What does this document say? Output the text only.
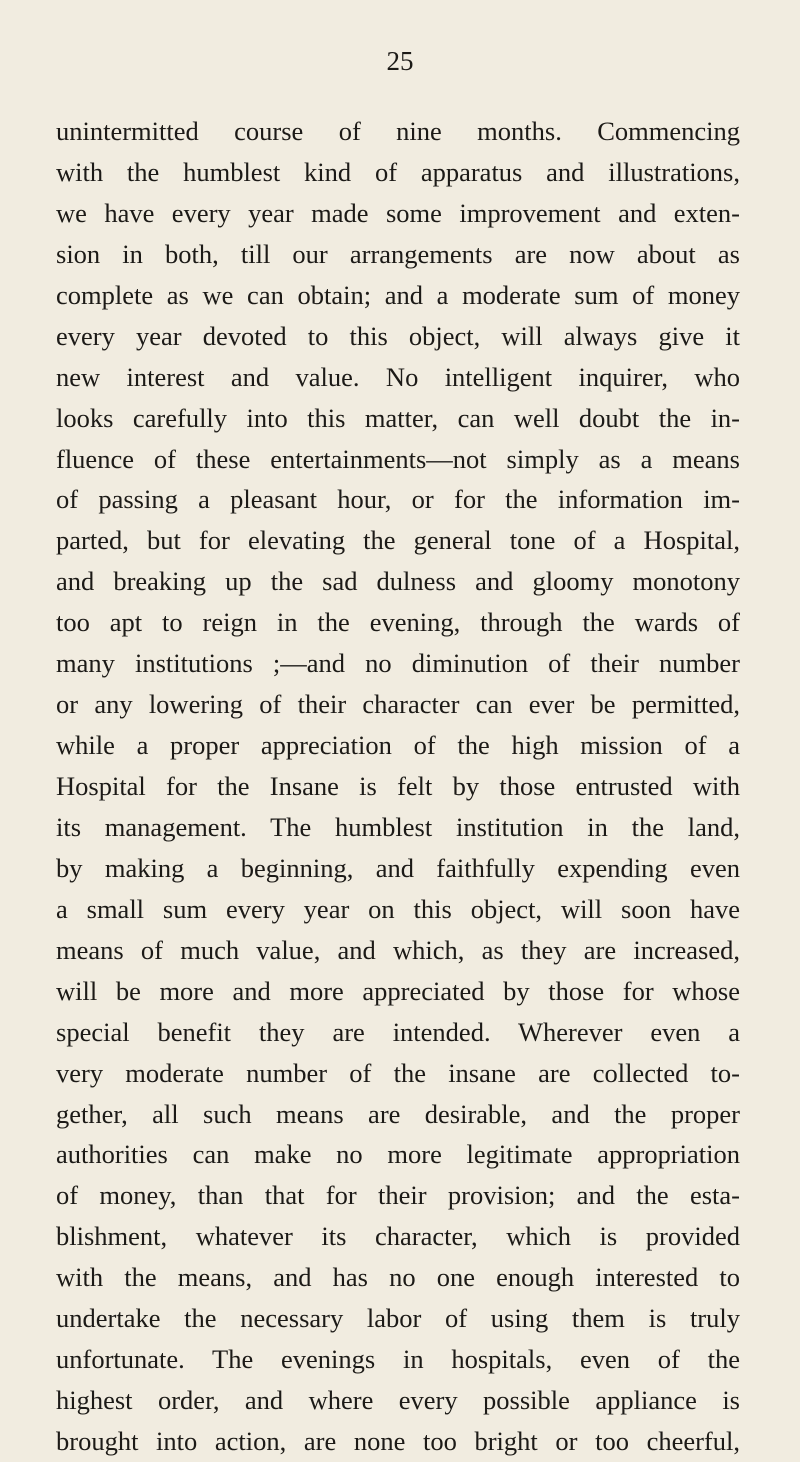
25
unintermitted course of nine months. Commencing
with the humblest kind of apparatus and illustrations,
we have every year made some improvement and exten-
sion in both, till our arrangements are now about as
complete as we can obtain; and a moderate sum of money
every year devoted to this object, will always give it
new interest and value. No intelligent inquirer, who
looks carefully into this matter, can well doubt the in-
fluence of these entertainments—not simply as a means
of passing a pleasant hour, or for the information im-
parted, but for elevating the general tone of a Hospital,
and breaking up the sad dulness and gloomy monotony
too apt to reign in the evening, through the wards of
many institutions ;—and no diminution of their number
or any lowering of their character can ever be permitted,
while a proper appreciation of the high mission of a
Hospital for the Insane is felt by those entrusted with
its management. The humblest institution in the land,
by making a beginning, and faithfully expending even
a small sum every year on this object, will soon have
means of much value, and which, as they are increased,
will be more and more appreciated by those for whose
special benefit they are intended. Wherever even a
very moderate number of the insane are collected to-
gether, all such means are desirable, and the proper
authorities can make no more legitimate appropriation
of money, than that for their provision; and the esta-
blishment, whatever its character, which is provided
with the means, and has no one enough interested to
undertake the necessary labor of using them is truly
unfortunate. The evenings in hospitals, even of the
highest order, and where every possible appliance is
brought into action, are none too bright or too cheerful,
